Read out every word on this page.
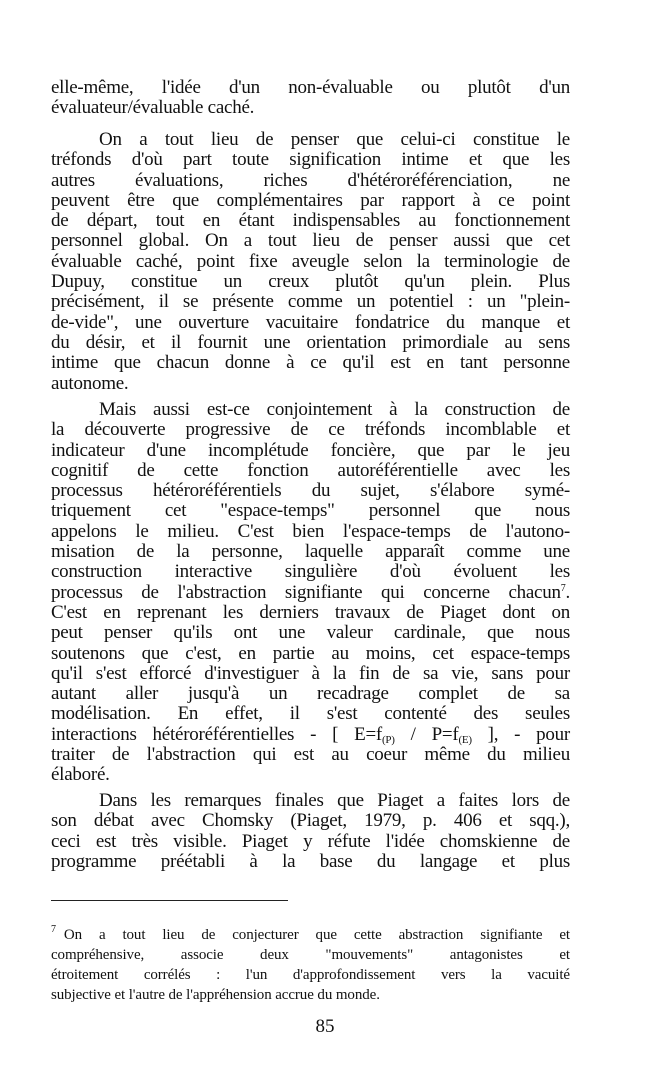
elle-même, l'idée d'un non-évaluable ou plutôt d'un
évaluateur/évaluable caché.
On a tout lieu de penser que celui-ci constitue le
tréfonds d'où part toute signification intime et que les
autres évaluations, riches d'hétéroréférenciation, ne
peuvent être que complémentaires par rapport à ce point
de départ, tout en étant indispensables au fonctionnement
personnel global. On a tout lieu de penser aussi que cet
évaluable caché, point fixe aveugle selon la terminologie de
Dupuy, constitue un creux plutôt qu'un plein. Plus
précisément, il se présente comme un potentiel : un "plein-
de-vide", une ouverture vacuitaire fondatrice du manque et
du désir, et il fournit une orientation primordiale au sens
intime que chacun donne à ce qu'il est en tant personne
autonome.
Mais aussi est-ce conjointement à la construction de
la découverte progressive de ce tréfonds incomblable et
indicateur d'une incomplétude foncière, que par le jeu
cognitif de cette fonction autoréférentielle avec les
processus hétéroréférentiels du sujet, s'élabore symé-
triquement cet "espace-temps" personnel que nous
appelons le milieu. C'est bien l'espace-temps de l'autono-
misation de la personne, laquelle apparaît comme une
construction interactive singulière d'où évoluent les
processus de l'abstraction signifiante qui concerne chacun$^7$.
C'est en reprenant les derniers travaux de Piaget dont on
peut penser qu'ils ont une valeur cardinale, que nous
soutenons que c'est, en partie au moins, cet espace-temps
qu'il s'est efforcé d'investiguer à la fin de sa vie, sans pour
autant aller jusqu'à un recadrage complet de sa
modélisation. En effet, il s'est contenté des seules
interactions hétéroréférentielles - [ $E=f_{(P)} / P=f_{(E)}$ ], - pour
traiter de l'abstraction qui est au coeur même du milieu
élaboré.
Dans les remarques finales que Piaget a faites lors de
son débat avec Chomsky (Piaget, 1979, p. 406 et sqq.),
ceci est très visible. Piaget y réfute l'idée chomskienne de
programme préétabli à la base du langage et plus
$^7$ On a tout lieu de conjecturer que cette abstraction signifiante et
compréhensive, associe deux "mouvements" antagonistes et
étroitement corrélés : l'un d'approfondissement vers la vacuité
subjective et l'autre de l'appréhension accrue du monde.
85
